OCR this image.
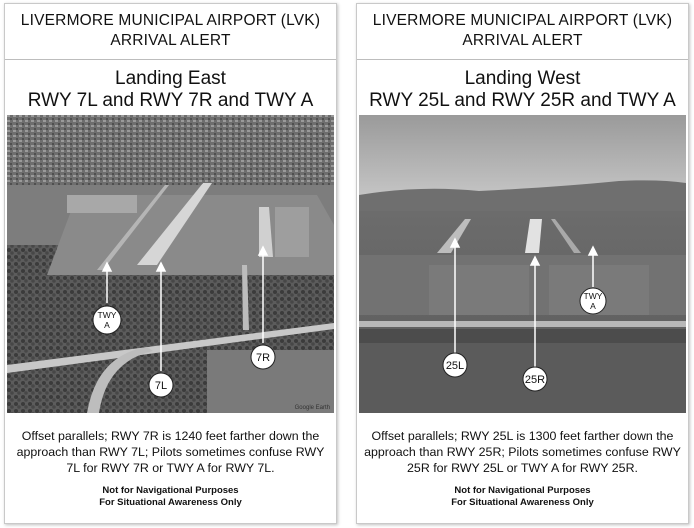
LIVERMORE MUNICIPAL AIRPORT (LVK)
ARRIVAL ALERT
Landing East
RWY 7L and RWY 7R and TWY A
TWY
A
7R
7L
Google Earth
Offset parallels; RWY 7R is 1240 feet farther down the approach than RWY 7L; Pilots sometimes confuse RWY 7L for RWY 7R or TWY A for RWY 7L.
Not for Navigational Purposes
For Situational Awareness Only
LIVERMORE MUNICIPAL AIRPORT (LVK)
ARRIVAL ALERT
Landing West
RWY 25L and RWY 25R and TWY A
25L
25R
TWY
A
Offset parallels; RWY 25L is 1300 feet farther down the approach than RWY 25R; Pilots sometimes confuse RWY 25R for RWY 25L or TWY A for RWY 25R.
Not for Navigational Purposes
For Situational Awareness Only
